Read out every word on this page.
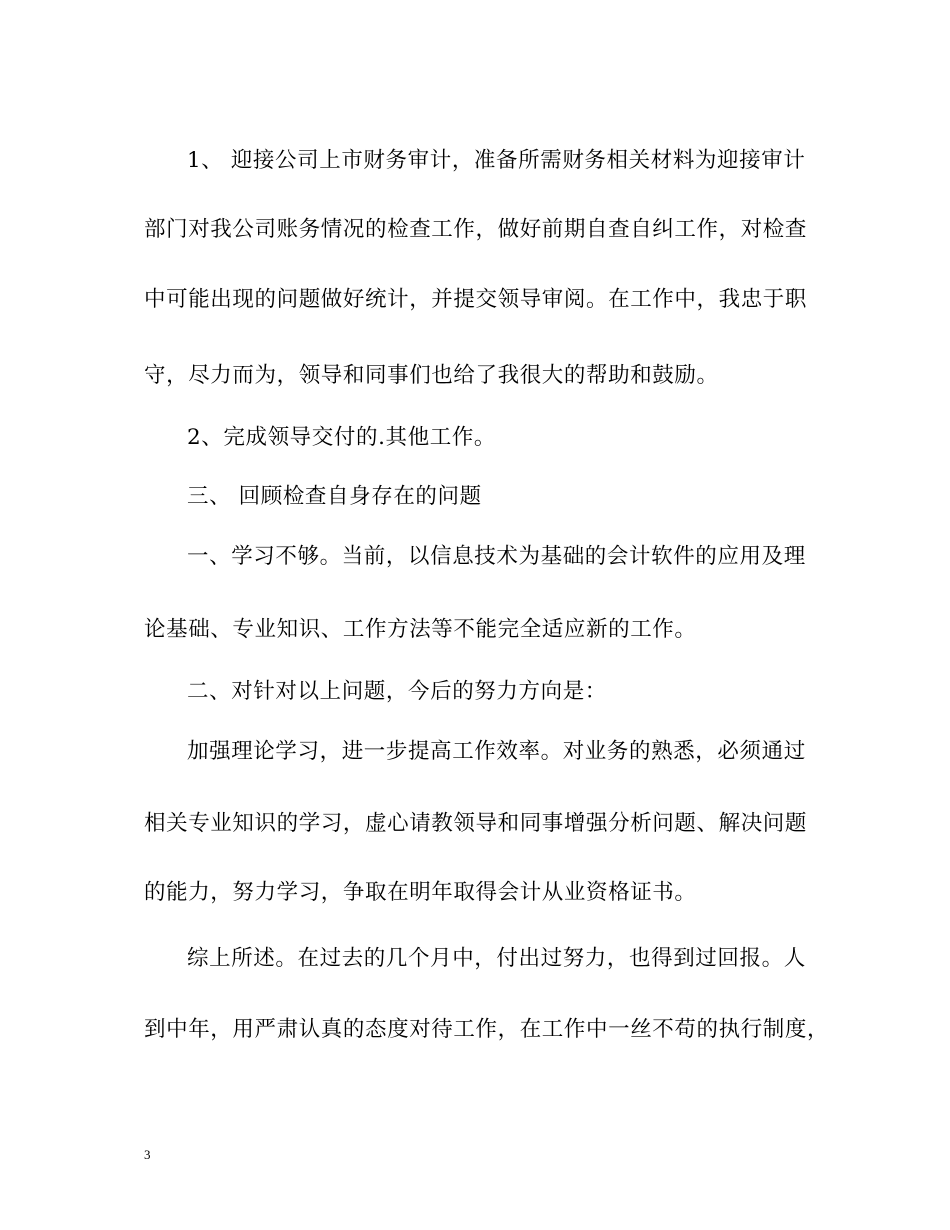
1、 迎接公司上市财务审计，准备所需财务相关材料为迎接审计
部门对我公司账务情况的检查工作，做好前期自查自纠工作，对检查
中可能出现的问题做好统计，并提交领导审阅。在工作中，我忠于职
守，尽力而为，领导和同事们也给了我很大的帮助和鼓励。
2、完成领导交付的.其他工作。
三、 回顾检查自身存在的问题
一、学习不够。当前，以信息技术为基础的会计软件的应用及理
论基础、专业知识、工作方法等不能完全适应新的工作。
二、对针对以上问题，今后的努力方向是：
加强理论学习，进一步提高工作效率。对业务的熟悉，必须通过
相关专业知识的学习，虚心请教领导和同事增强分析问题、解决问题
的能力，努力学习，争取在明年取得会计从业资格证书。
综上所述。在过去的几个月中，付出过努力，也得到过回报。人
到中年，用严肃认真的态度对待工作，在工作中一丝不苟的执行制度，
3
